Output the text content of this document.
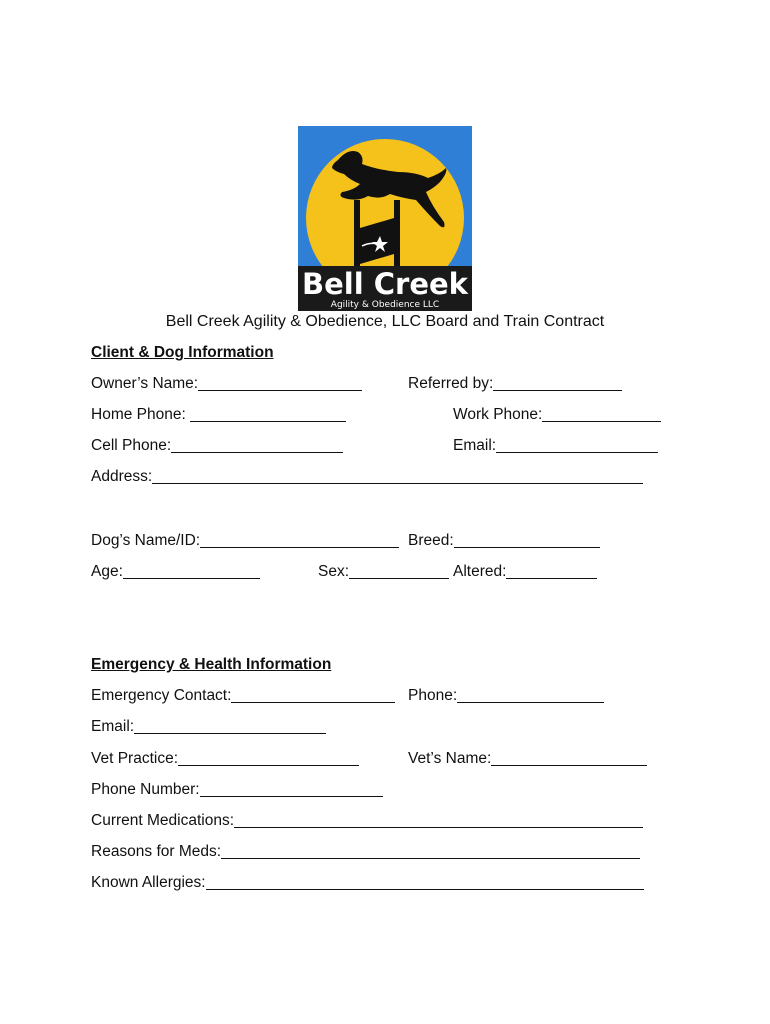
Bell Creek
Agility & Obedience LLC
Bell Creek Agility & Obedience, LLC Board and Train Contract
Client & Dog Information
Owner’s Name:	Referred by:
Home Phone:	Work Phone:
Cell Phone:	Email:
Address:
Dog’s Name/ID:	Breed:
Age:	Sex:	Altered:
Emergency & Health Information
Emergency Contact:	Phone:
Email:
Vet Practice:	Vet’s Name:
Phone Number:
Current Medications:
Reasons for Meds:
Known Allergies:
